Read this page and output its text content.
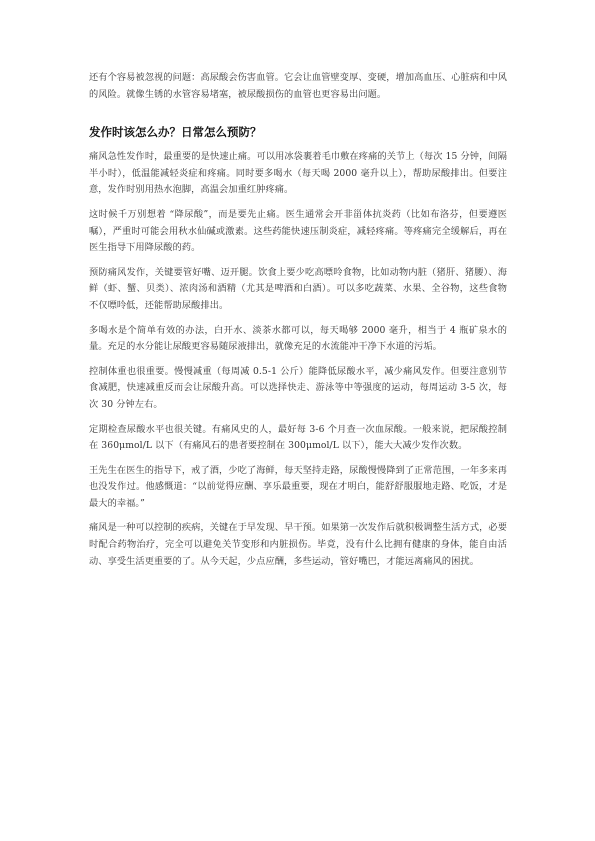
还有个容易被忽视的问题：高尿酸会伤害血管。它会让血管壁变厚、变硬，增加高血压、心脏病和中风的风险。就像生锈的水管容易堵塞，被尿酸损伤的血管也更容易出问题。

发作时该怎么办？日常怎么预防？

痛风急性发作时，最重要的是快速止痛。可以用冰袋裹着毛巾敷在疼痛的关节上（每次 15 分钟，间隔半小时），低温能减轻炎症和疼痛。同时要多喝水（每天喝 2000 毫升以上），帮助尿酸排出。但要注意，发作时别用热水泡脚，高温会加重红肿疼痛。

这时候千万别想着 “降尿酸”，而是要先止痛。医生通常会开非甾体抗炎药（比如布洛芬，但要遵医嘱），严重时可能会用秋水仙碱或激素。这些药能快速压制炎症，减轻疼痛。等疼痛完全缓解后，再在医生指导下用降尿酸的药。

预防痛风发作，关键要管好嘴、迈开腿。饮食上要少吃高嘌呤食物，比如动物内脏（猪肝、猪腰）、海鲜（虾、蟹、贝类）、浓肉汤和酒精（尤其是啤酒和白酒）。可以多吃蔬菜、水果、全谷物，这些食物不仅嘌呤低，还能帮助尿酸排出。

多喝水是个简单有效的办法，白开水、淡茶水都可以，每天喝够 2000 毫升，相当于 4 瓶矿泉水的量。充足的水分能让尿酸更容易随尿液排出，就像充足的水流能冲干净下水道的污垢。

控制体重也很重要。慢慢减重（每周减 0.5-1 公斤）能降低尿酸水平，减少痛风发作。但要注意别节食减肥，快速减重反而会让尿酸升高。可以选择快走、游泳等中等强度的运动，每周运动 3-5 次，每次 30 分钟左右。

定期检查尿酸水平也很关键。有痛风史的人，最好每 3-6 个月查一次血尿酸。一般来说，把尿酸控制在 360μmol/L 以下（有痛风石的患者要控制在 300μmol/L 以下），能大大减少发作次数。

王先生在医生的指导下，戒了酒，少吃了海鲜，每天坚持走路，尿酸慢慢降到了正常范围，一年多来再也没发作过。他感慨道：“以前觉得应酬、享乐最重要，现在才明白，能舒舒服服地走路、吃饭，才是最大的幸福。”

痛风是一种可以控制的疾病，关键在于早发现、早干预。如果第一次发作后就积极调整生活方式，必要时配合药物治疗，完全可以避免关节变形和内脏损伤。毕竟，没有什么比拥有健康的身体，能自由活动、享受生活更重要的了。从今天起，少点应酬，多些运动，管好嘴巴，才能远离痛风的困扰。
